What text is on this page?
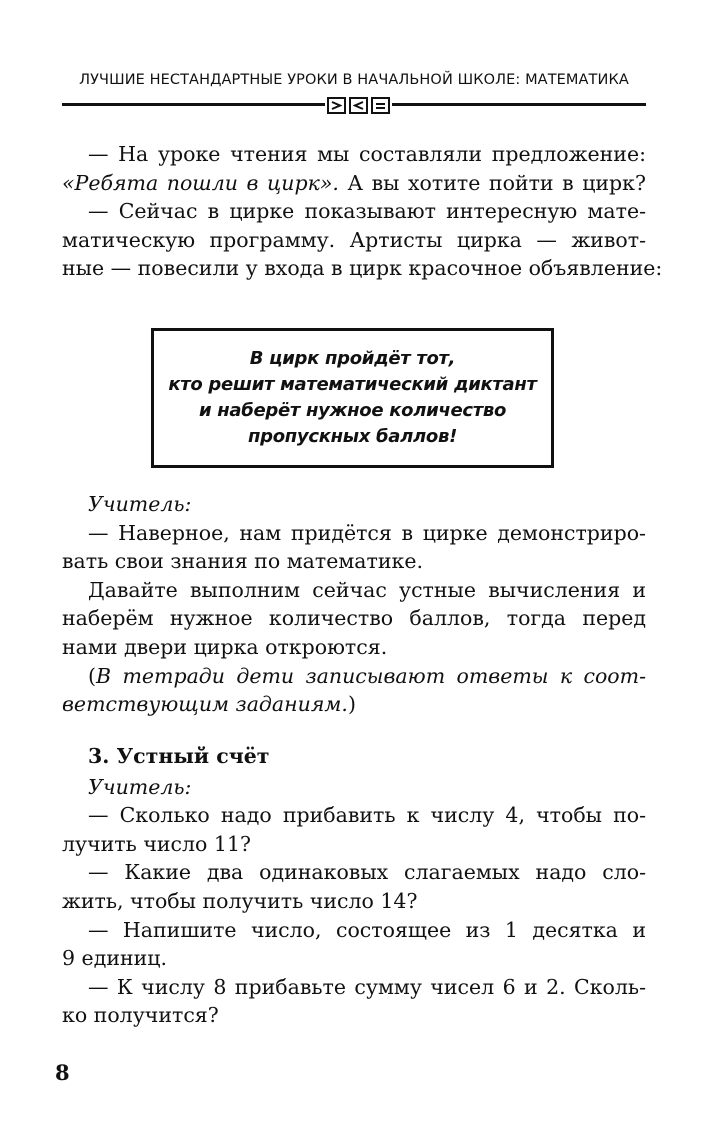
ЛУЧШИЕ НЕСТАНДАРТНЫЕ УРОКИ В НАЧАЛЬНОЙ ШКОЛЕ: МАТЕМАТИКА
— На уроке чтения мы составляли предложение:
«Ребята пошли в цирк». А вы хотите пойти в цирк?
— Сейчас в цирке показывают интересную мате-
матическую программу. Артисты цирка — живот-
ные — повесили у входа в цирк красочное объявление:
В цирк пройдёт тот,
кто решит математический диктант
и наберёт нужное количество
пропускных баллов!
Учитель:
— Наверное, нам придётся в цирке демонстриро-
вать свои знания по математике.
Давайте выполним сейчас устные вычисления и
наберём нужное количество баллов, тогда перед
нами двери цирка откроются.
(В тетради дети записывают ответы к соот-
ветствующим заданиям.)
3. Устный счёт
Учитель:
— Сколько надо прибавить к числу 4, чтобы по-
лучить число 11?
— Какие два одинаковых слагаемых надо сло-
жить, чтобы получить число 14?
— Напишите число, состоящее из 1 десятка и
9 единиц.
— К числу 8 прибавьте сумму чисел 6 и 2. Сколь-
ко получится?
8
